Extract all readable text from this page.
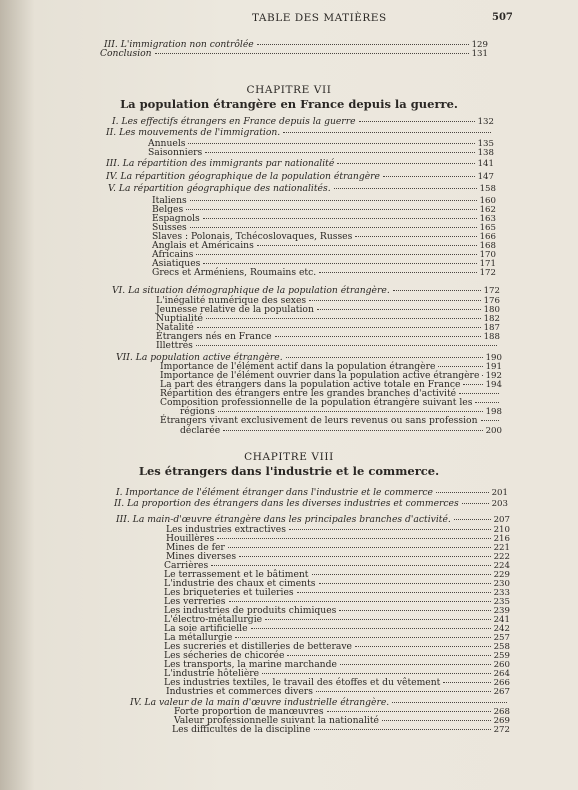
TABLE DES MATIÈRES	507
CHAPITRE VII
La population étrangère en France depuis la guerre.
CHAPITRE VIII
Les étrangers dans l'industrie et le commerce.
III. L'immigration non contrôlée	129
Conclusion	131
I. Les effectifs étrangers en France depuis la guerre	132
II. Les mouvements de l'immigration.
Annuels	135
Saisonniers	138
III. La répartition des immigrants par nationalité	141
IV. La répartition géographique de la population étrangère	147
V. La répartition géographique des nationalités.	158
Italiens	160
Belges	162
Espagnols	163
Suisses	165
Slaves : Polonais, Tchécoslovaques, Russes	166
Anglais et Américains	168
Africains	170
Asiatiques	171
Grecs et Arméniens, Roumains etc.	172
VI. La situation démographique de la population étrangère.	172
L'inégalité numérique des sexes	176
Jeunesse relative de la population	180
Nuptialité	182
Natalité	187
Étrangers nés en France	188
Illettrés
VII. La population active étrangère.	190
Importance de l'élément actif dans la population étrangère	191
Importance de l'élément ouvrier dans la population active étrangère 192
La part des étrangers dans la population active totale en France	194
Répartition des étrangers entre les grandes branches d'activité
Composition professionnelle de la population étrangère suivant les
régions	198
Étrangers vivant exclusivement de leurs revenus ou sans profession
déclarée	200
I. Importance de l'élément étranger dans l'industrie et le commerce	201
II. La proportion des étrangers dans les diverses industries et commerces	203
III. La main-d'œuvre étrangère dans les principales branches d'activité.	207
Les industries extractives	210
Houillères	216
Mines de fer	221
Mines diverses	222
Carrières	224
Le terrassement et le bâtiment	229
L'industrie des chaux et ciments	230
Les briqueteries et tuileries	233
Les verreries	235
Les industries de produits chimiques	239
L'électro-métallurgie	241
La soie artificielle	242
La métallurgie	257
Les sucreries et distilleries de betterave	258
Les sécheries de chicorée	259
Les transports, la marine marchande	260
L'industrie hôtelière	264
Les industries textiles, le travail des étoffes et du vêtement	266
Industries et commerces divers	267
IV. La valeur de la main d'œuvre industrielle étrangère.
Forte proportion de manœuvres	268
Valeur professionnelle suivant la nationalité	269
Les difficultés de la discipline	272
